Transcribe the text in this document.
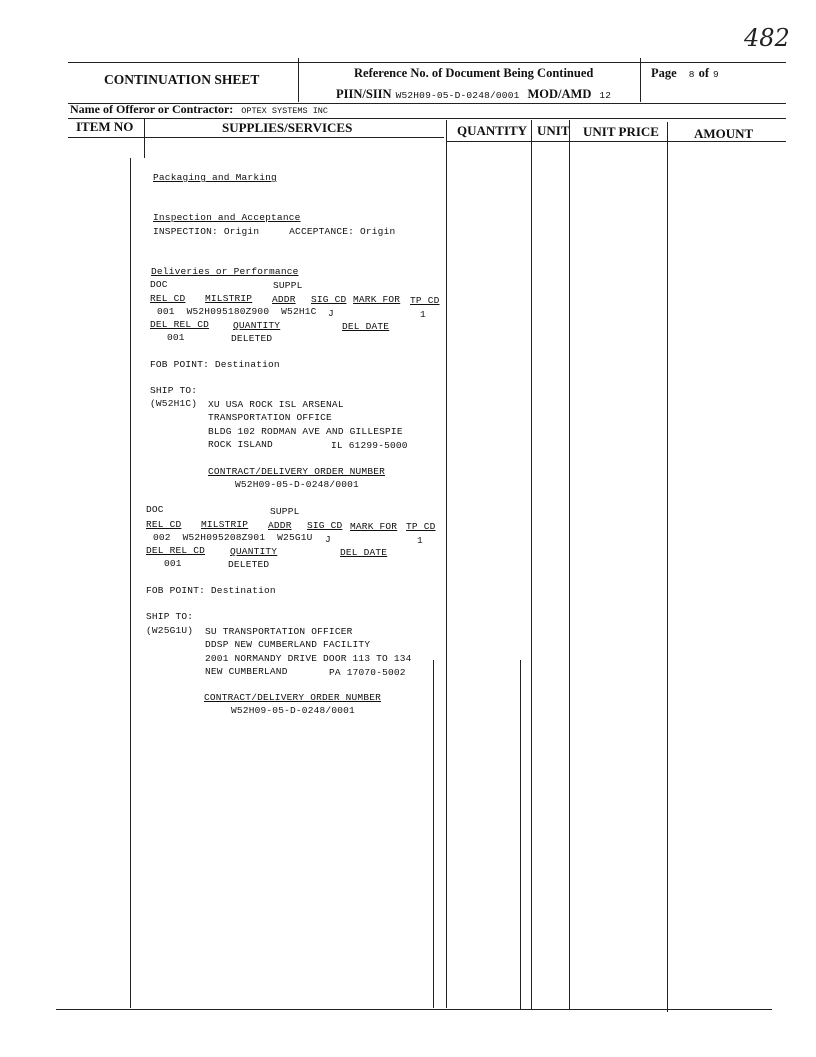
482
CONTINUATION SHEET	Reference No. of Document Being Continued
PIIN/SIIN W52H09-05-D-0248/0001 MOD/AMD 12
Page 8 of 9
Name of Offeror or Contractor: OPTEX SYSTEMS INC
ITEM NO	SUPPLIES/SERVICES	QUANTITY UNIT UNIT PRICE	AMOUNT
Packaging and Marking
Inspection and Acceptance
INSPECTION: Origin	ACCEPTANCE: Origin
Deliveries or Performance
DOC	SUPPL
REL CD MILSTRIP ADDR SIG CD MARK FOR TP CD
001 W52H095180Z900 W52H1C J	1
DEL REL CD	QUANTITY	DEL DATE
001	DELETED
FOB POINT: Destination
SHIP TO:
(W52H1C) XU USA ROCK ISL ARSENAL
TRANSPORTATION OFFICE
BLDG 102 RODMAN AVE AND GILLESPIE
ROCK ISLAND	IL 61299-5000
CONTRACT/DELIVERY ORDER NUMBER
W52H09-05-D-0248/0001
DOC	SUPPL
REL CD MILSTRIP ADDR SIG CD MARK FOR TP CD
002 W52H095208Z901 W25G1U J	1
DEL REL CD	QUANTITY	DEL DATE
001	DELETED
FOB POINT: Destination
SHIP TO:
(W25G1U) SU TRANSPORTATION OFFICER
DDSP NEW CUMBERLAND FACILITY
2001 NORMANDY DRIVE DOOR 113 TO 134
NEW CUMBERLAND	PA 17070-5002
CONTRACT/DELIVERY ORDER NUMBER
W52H09-05-D-0248/0001
